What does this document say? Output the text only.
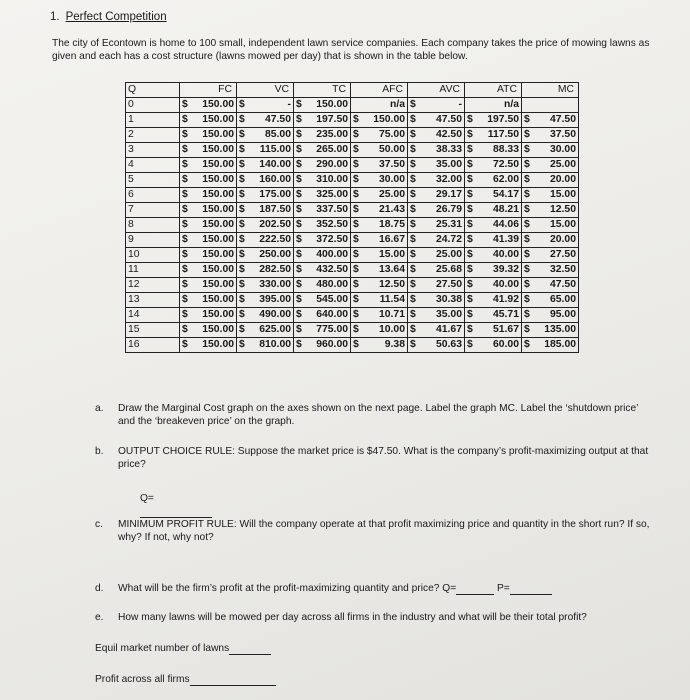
1. Perfect Competition
The city of Econtown is home to 100 small, independent lawn service companies. Each company takes the price of mowing lawns as given and each has a cost structure (lawns mowed per day) that is shown in the table below.
Q	FC	VC	TC	AFC	AVC	ATC	MC
0	$ 150.00	$ -	$ 150.00	n/a	$ -	n/a	

1	$ 150.00	$ 47.50	$ 197.50	$ 150.00	$ 47.50	$ 197.50	$ 47.50

2	$ 150.00	$ 85.00	$ 235.00	$ 75.00	$ 42.50	$ 117.50	$ 37.50

3	$ 150.00	$ 115.00	$ 265.00	$ 50.00	$ 38.33	$ 88.33	$ 30.00

4	$ 150.00	$ 140.00	$ 290.00	$ 37.50	$ 35.00	$ 72.50	$ 25.00

5	$ 150.00	$ 160.00	$ 310.00	$ 30.00	$ 32.00	$ 62.00	$ 20.00

6	$ 150.00	$ 175.00	$ 325.00	$ 25.00	$ 29.17	$ 54.17	$ 15.00

7	$ 150.00	$ 187.50	$ 337.50	$ 21.43	$ 26.79	$ 48.21	$ 12.50

8	$ 150.00	$ 202.50	$ 352.50	$ 18.75	$ 25.31	$ 44.06	$ 15.00

9	$ 150.00	$ 222.50	$ 372.50	$ 16.67	$ 24.72	$ 41.39	$ 20.00

10	$ 150.00	$ 250.00	$ 400.00	$ 15.00	$ 25.00	$ 40.00	$ 27.50

11	$ 150.00	$ 282.50	$ 432.50	$ 13.64	$ 25.68	$ 39.32	$ 32.50

12	$ 150.00	$ 330.00	$ 480.00	$ 12.50	$ 27.50	$ 40.00	$ 47.50

13	$ 150.00	$ 395.00	$ 545.00	$ 11.54	$ 30.38	$ 41.92	$ 65.00

14	$ 150.00	$ 490.00	$ 640.00	$ 10.71	$ 35.00	$ 45.71	$ 95.00

15	$ 150.00	$ 625.00	$ 775.00	$ 10.00	$ 41.67	$ 51.67	$ 135.00

16	$ 150.00	$ 810.00	$ 960.00	$ 9.38	$ 50.63	$ 60.00	$ 185.00
a. Draw the Marginal Cost graph on the axes shown on the next page. Label the graph MC. Label the ‘shutdown price’ and the ‘breakeven price’ on the graph.
b. OUTPUT CHOICE RULE: Suppose the market price is $47.50. What is the company’s profit-maximizing output at that price?
Q=
c. MINIMUM PROFIT RULE: Will the company operate at that profit maximizing price and quantity in the short run? If so, why? If not, why not?
d. What will be the firm’s profit at the profit-maximizing quantity and price? Q=	P=
e. How many lawns will be mowed per day across all firms in the industry and what will be their total profit?
Equil market number of lawns
Profit across all firms
